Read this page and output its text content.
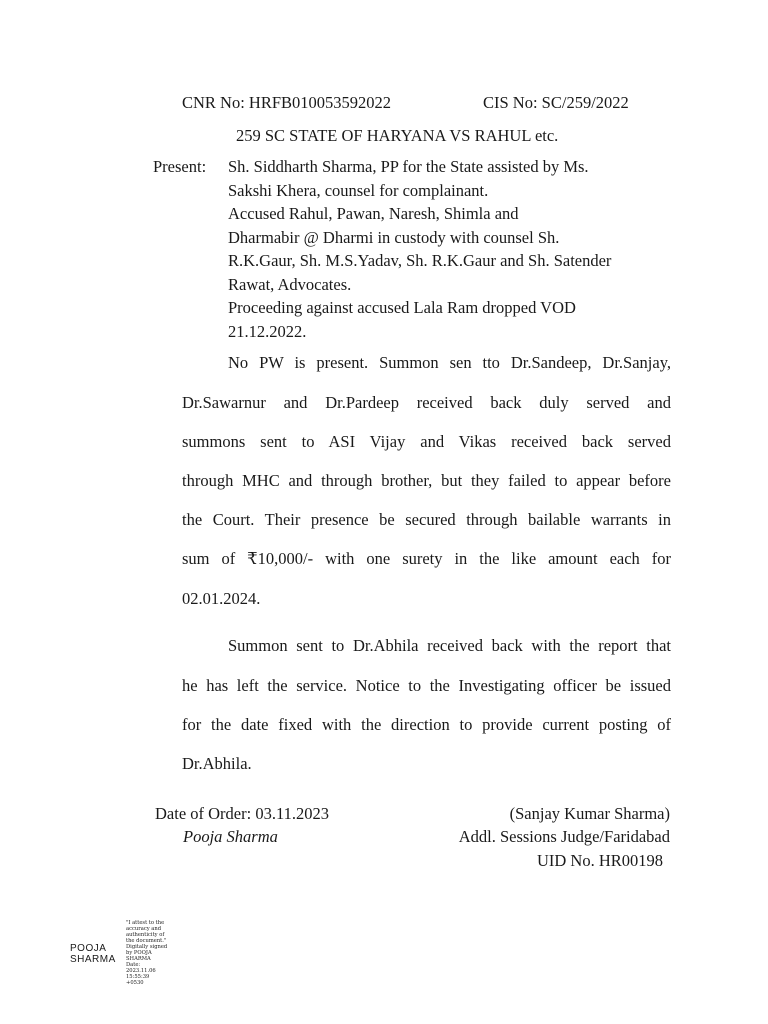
CNR No: HRFB010053592022	CIS No: SC/259/2022
259 SC STATE OF HARYANA VS RAHUL etc.
Present: Sh. Siddharth Sharma, PP for the State assisted by Ms.
Sakshi Khera, counsel for complainant.
Accused Rahul, Pawan, Naresh, Shimla and
Dharmabir @ Dharmi in custody with counsel Sh.
R.K.Gaur, Sh. M.S.Yadav, Sh. R.K.Gaur and Sh. Satender
Rawat, Advocates.
Proceeding against accused Lala Ram dropped VOD
21.12.2022.
No PW is present. Summon sen tto Dr.Sandeep, Dr.Sanjay,
Dr.Sawarnur and Dr.Pardeep received back duly served and
summons sent to ASI Vijay and Vikas received back served
through MHC and through brother, but they failed to appear before
the Court. Their presence be secured through bailable warrants in
sum of ₹10,000/- with one surety in the like amount each for
02.01.2024.
Summon sent to Dr.Abhila received back with the report that
he has left the service. Notice to the Investigating officer be issued
for the date fixed with the direction to provide current posting of
Dr.Abhila.
Date of Order: 03.11.2023
Pooja Sharma
(Sanjay Kumar Sharma)
Addl. Sessions Judge/Faridabad
UID No. HR00198
POOJA
SHARMA
"I attest to the
accuracy and
authenticity of
the document."
Digitally signed
by POOJA
SHARMA
Date:
2023.11.06
15:55:39
+0530
